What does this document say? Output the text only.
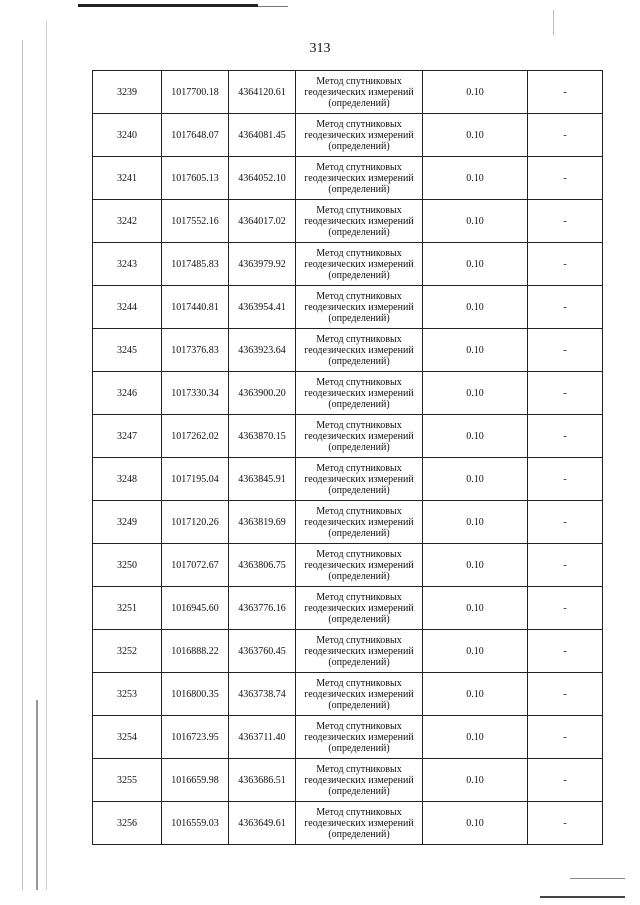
313
3239	1017700.18	4364120.61	Метод спутниковых
геодезических измерений
(определений)	0.10	-
3240	1017648.07	4364081.45	Метод спутниковых
геодезических измерений
(определений)	0.10	-
3241	1017605.13	4364052.10	Метод спутниковых
геодезических измерений
(определений)	0.10	-
3242	1017552.16	4364017.02	Метод спутниковых
геодезических измерений
(определений)	0.10	-
3243	1017485.83	4363979.92	Метод спутниковых
геодезических измерений
(определений)	0.10	-
3244	1017440.81	4363954.41	Метод спутниковых
геодезических измерений
(определений)	0.10	-
3245	1017376.83	4363923.64	Метод спутниковых
геодезических измерений
(определений)	0.10	-
3246	1017330.34	4363900.20	Метод спутниковых
геодезических измерений
(определений)	0.10	-
3247	1017262.02	4363870.15	Метод спутниковых
геодезических измерений
(определений)	0.10	-
3248	1017195.04	4363845.91	Метод спутниковых
геодезических измерений
(определений)	0.10	-
3249	1017120.26	4363819.69	Метод спутниковых
геодезических измерений
(определений)	0.10	-
3250	1017072.67	4363806.75	Метод спутниковых
геодезических измерений
(определений)	0.10	-
3251	1016945.60	4363776.16	Метод спутниковых
геодезических измерений
(определений)	0.10	-
3252	1016888.22	4363760.45	Метод спутниковых
геодезических измерений
(определений)	0.10	-
3253	1016800.35	4363738.74	Метод спутниковых
геодезических измерений
(определений)	0.10	-
3254	1016723.95	4363711.40	Метод спутниковых
геодезических измерений
(определений)	0.10	-
3255	1016659.98	4363686.51	Метод спутниковых
геодезических измерений
(определений)	0.10	-
3256	1016559.03	4363649.61	Метод спутниковых
геодезических измерений
(определений)	0.10	-
